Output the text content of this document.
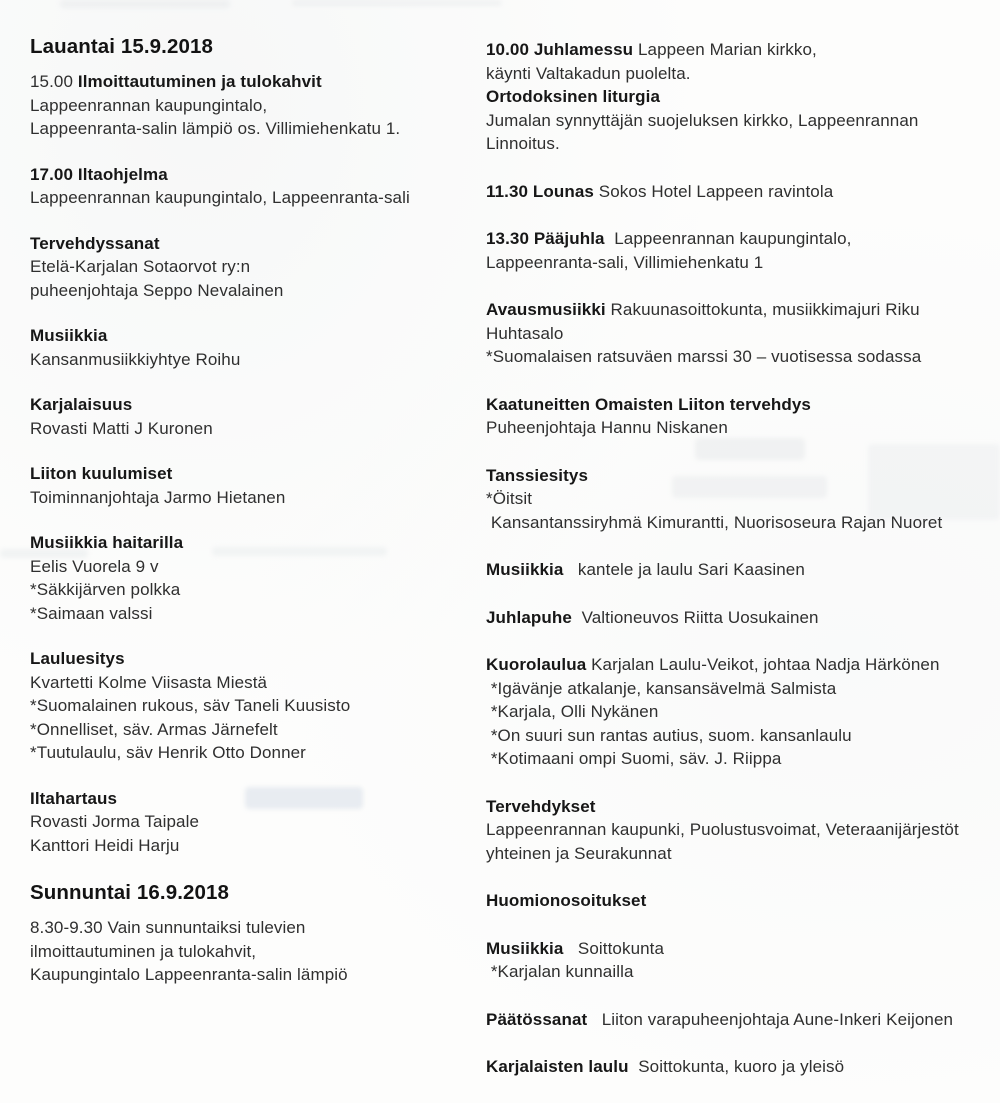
Lauantai 15.9.2018
15.00 Ilmoittautuminen ja tulokahvit
Lappeenrannan kaupungintalo,
Lappeenranta-salin lämpiö os. Villimiehenkatu 1.
17.00 Iltaohjelma
Lappeenrannan kaupungintalo, Lappeenranta-sali
Tervehdyssanat
Etelä-Karjalan Sotaorvot ry:n
puheenjohtaja Seppo Nevalainen
Musiikkia
Kansanmusiikkiyhtye Roihu
Karjalaisuus
Rovasti Matti J Kuronen
Liiton kuulumiset
Toiminnanjohtaja Jarmo Hietanen
Musiikkia haitarilla
Eelis Vuorela 9 v
*Säkkijärven polkka
*Saimaan valssi
Lauluesitys
Kvartetti Kolme Viisasta Miestä
*Suomalainen rukous, säv Taneli Kuusisto
*Onnelliset, säv. Armas Järnefelt
*Tuutulaulu, säv Henrik Otto Donner
Iltahartaus
Rovasti Jorma Taipale
Kanttori Heidi Harju
Sunnuntai 16.9.2018
8.30-9.30 Vain sunnuntaiksi tulevien
ilmoittautuminen ja tulokahvit,
Kaupungintalo Lappeenranta-salin lämpiö
10.00 Juhlamessu Lappeen Marian kirkko,
käynti Valtakadun puolelta.
Ortodoksinen liturgia
Jumalan synnyttäjän suojeluksen kirkko, Lappeenrannan
Linnoitus.
11.30 Lounas Sokos Hotel Lappeen ravintola
13.30 Pääjuhla  Lappeenrannan kaupungintalo,
Lappeenranta-sali, Villimiehenkatu 1
Avausmusiikki Rakuunasoittokunta, musiikkimajuri Riku
Huhtasalo
*Suomalaisen ratsuväen marssi 30 – vuotisessa sodassa
Kaatuneitten Omaisten Liiton tervehdys
Puheenjohtaja Hannu Niskanen
Tanssiesitys
*Öitsit
Kansantanssiryhmä Kimurantti, Nuorisoseura Rajan Nuoret
Musiikkia   kantele ja laulu Sari Kaasinen
Juhlapuhe  Valtioneuvos Riitta Uosukainen
Kuorolaulua Karjalan Laulu-Veikot, johtaa Nadja Härkönen
*Igävänje atkalanje, kansansävelmä Salmista
*Karjala, Olli Nykänen
*On suuri sun rantas autius, suom. kansanlaulu
*Kotimaani ompi Suomi, säv. J. Riippa
Tervehdykset
Lappeenrannan kaupunki, Puolustusvoimat, Veteraanijärjestöt
yhteinen ja Seurakunnat
Huomionosoitukset
Musiikkia   Soittokunta
*Karjalan kunnailla
Päätössanat   Liiton varapuheenjohtaja Aune-Inkeri Keijonen
Karjalaisten laulu  Soittokunta, kuoro ja yleisö
